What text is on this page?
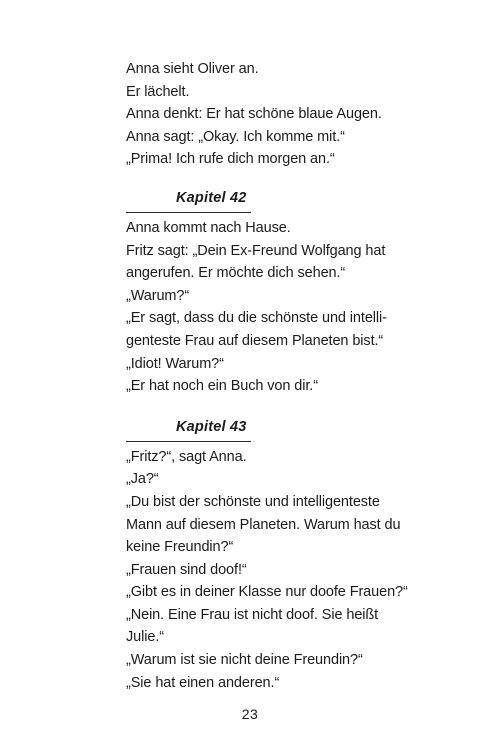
Anna sieht Oliver an.
Er lächelt.
Anna denkt: Er hat schöne blaue Augen.
Anna sagt: „Okay. Ich komme mit.“
„Prima! Ich rufe dich morgen an.“
Kapitel 42
Anna kommt nach Hause.
Fritz sagt: „Dein Ex-Freund Wolfgang hat
angerufen. Er möchte dich sehen.“
„Warum?“
„Er sagt, dass du die schönste und intelli-
genteste Frau auf diesem Planeten bist.“
„Idiot! Warum?“
„Er hat noch ein Buch von dir.“
Kapitel 43
„Fritz?“, sagt Anna.
„Ja?“
„Du bist der schönste und intelligenteste
Mann auf diesem Planeten. Warum hast du
keine Freundin?“
„Frauen sind doof!“
„Gibt es in deiner Klasse nur doofe Frauen?“
„Nein. Eine Frau ist nicht doof. Sie heißt
Julie.“
„Warum ist sie nicht deine Freundin?“
„Sie hat einen anderen.“
23
